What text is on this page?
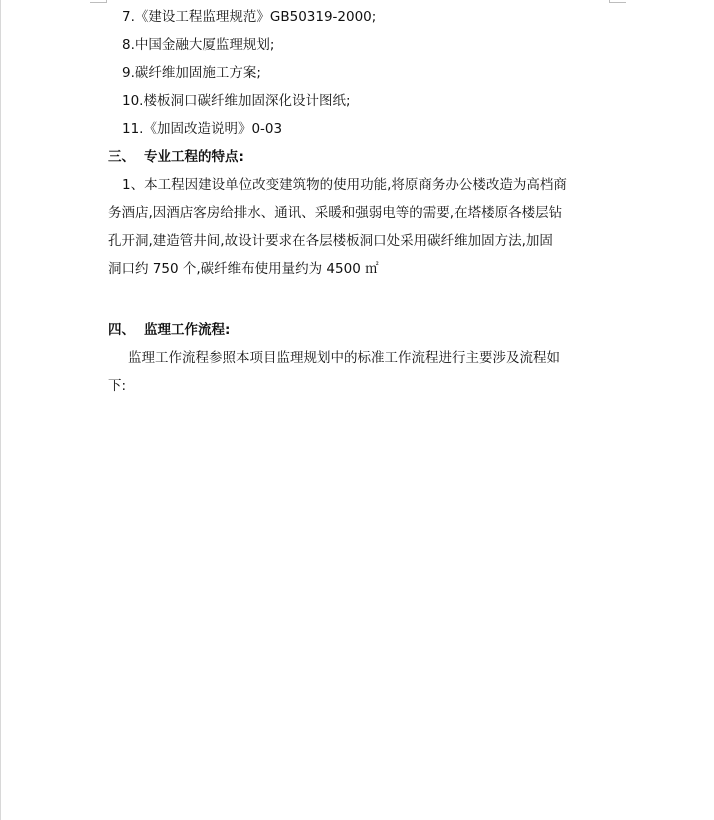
7.《建设工程监理规范》GB50319-2000;
8.中国金融大厦监理规划;
9.碳纤维加固施工方案;
10.楼板洞口碳纤维加固深化设计图纸;
11.《加固改造说明》0-03
三、 专业工程的特点:
1、本工程因建设单位改变建筑物的使用功能,将原商务办公楼改造为高档商
务酒店,因酒店客房给排水、通讯、采暖和强弱电等的需要,在塔楼原各楼层钻
孔开洞,建造管井间,故设计要求在各层楼板洞口处采用碳纤维加固方法,加固
洞口约 750 个,碳纤维布使用量约为 4500 ㎡
四、 监理工作流程:
监理工作流程参照本项目监理规划中的标准工作流程进行主要涉及流程如
下:
